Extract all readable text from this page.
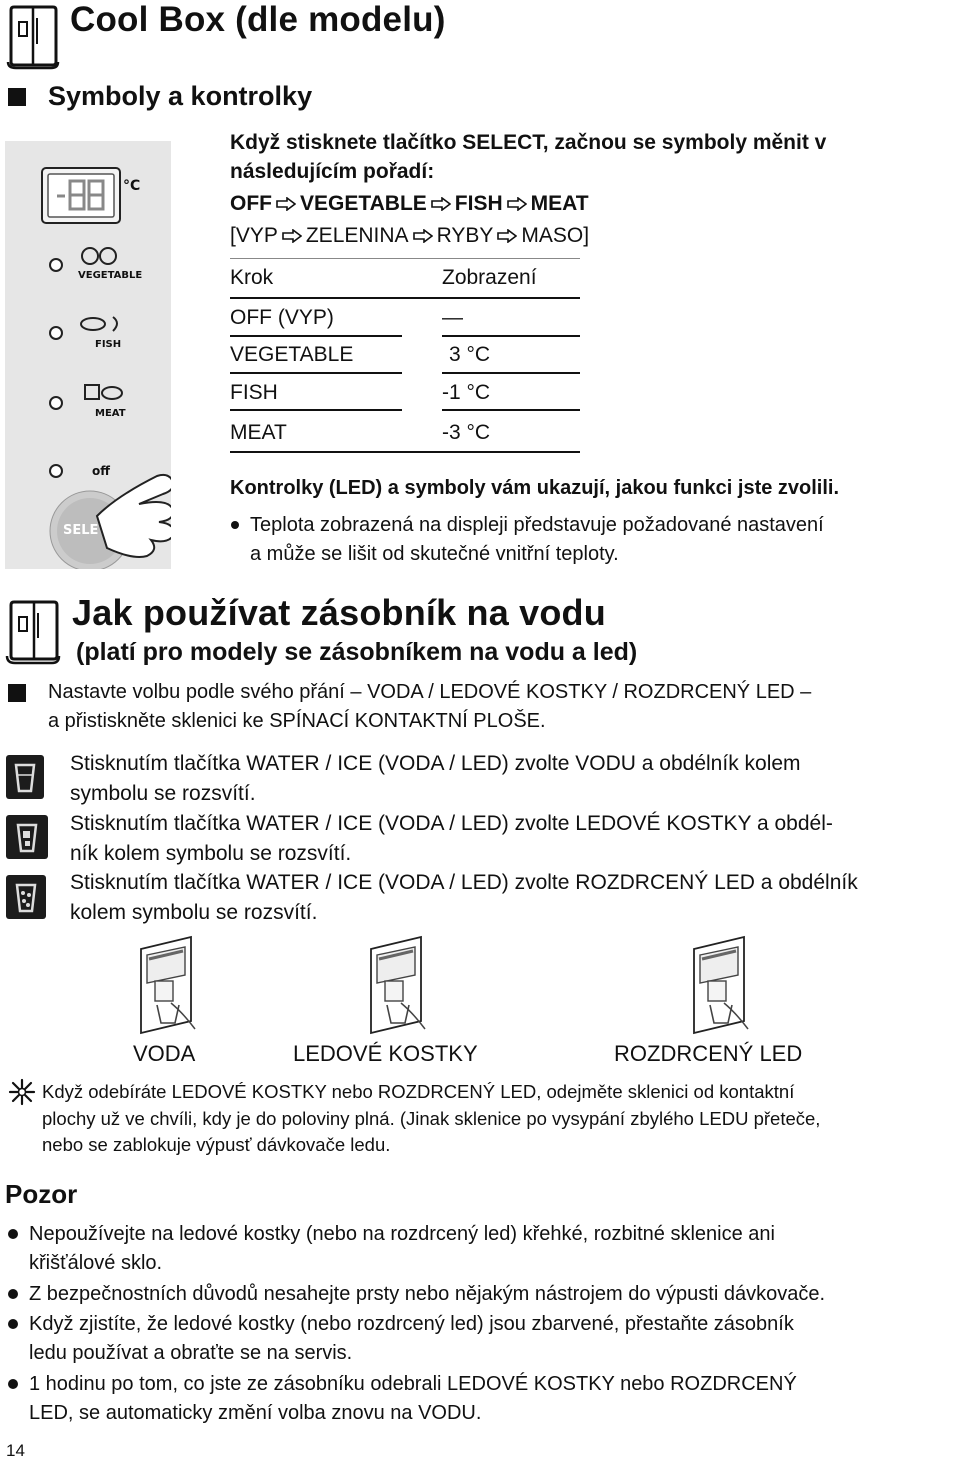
Cool Box (dle modelu)
Symboly a kontrolky
°C
VEGETABLE
FISH
MEAT
off
SELE
Když stisknete tlačítko SELECT, začnou se symboly měnit v
následujícím pořadí:
OFF VEGETABLE FISH MEAT
[VYP ZELENINA RYBY MASO]
Krok	Zobrazení
OFF (VYP)	—
VEGETABLE	3 °C
FISH	-1 °C
MEAT	-3 °C
Kontrolky (LED) a symboly vám ukazují, jakou funkci jste zvolili.
Teplota zobrazená na displeji představuje požadované nastavení
a může se lišit od skutečné vnitřní teploty.
Jak používat zásobník na vodu
(platí pro modely se zásobníkem na vodu a led)
Nastavte volbu podle svého přání – VODA / LEDOVÉ KOSTKY / ROZDRCENÝ LED –
a přistiskněte sklenici ke SPÍNACÍ KONTAKTNÍ PLOŠE.
Stisknutím tlačítka WATER / ICE (VODA / LED) zvolte VODU a obdélník kolem
symbolu se rozsvítí.
Stisknutím tlačítka WATER / ICE (VODA / LED) zvolte LEDOVÉ KOSTKY a obdél-
ník kolem symbolu se rozsvítí.
Stisknutím tlačítka WATER / ICE (VODA / LED) zvolte ROZDRCENÝ LED a obdélník
kolem symbolu se rozsvítí.
VODA	LEDOVÉ KOSTKY	ROZDRCENÝ LED
Když odebíráte LEDOVÉ KOSTKY nebo ROZDRCENÝ LED, odejměte sklenici od kontaktní
plochy už ve chvíli, kdy je do poloviny plná. (Jinak sklenice po vysypání zbylého LEDU přeteče,
nebo se zablokuje výpusť dávkovače ledu.
Pozor
Nepoužívejte na ledové kostky (nebo na rozdrcený led) křehké, rozbitné sklenice ani
křišťálové sklo.
Z bezpečnostních důvodů nesahejte prsty nebo nějakým nástrojem do výpusti dávkovače.
Když zjistíte, že ledové kostky (nebo rozdrcený led) jsou zbarvené, přestaňte zásobník
ledu používat a obraťte se na servis.
1 hodinu po tom, co jste ze zásobníku odebrali LEDOVÉ KOSTKY nebo ROZDRCENÝ
LED, se automaticky změní volba znovu na VODU.
14
